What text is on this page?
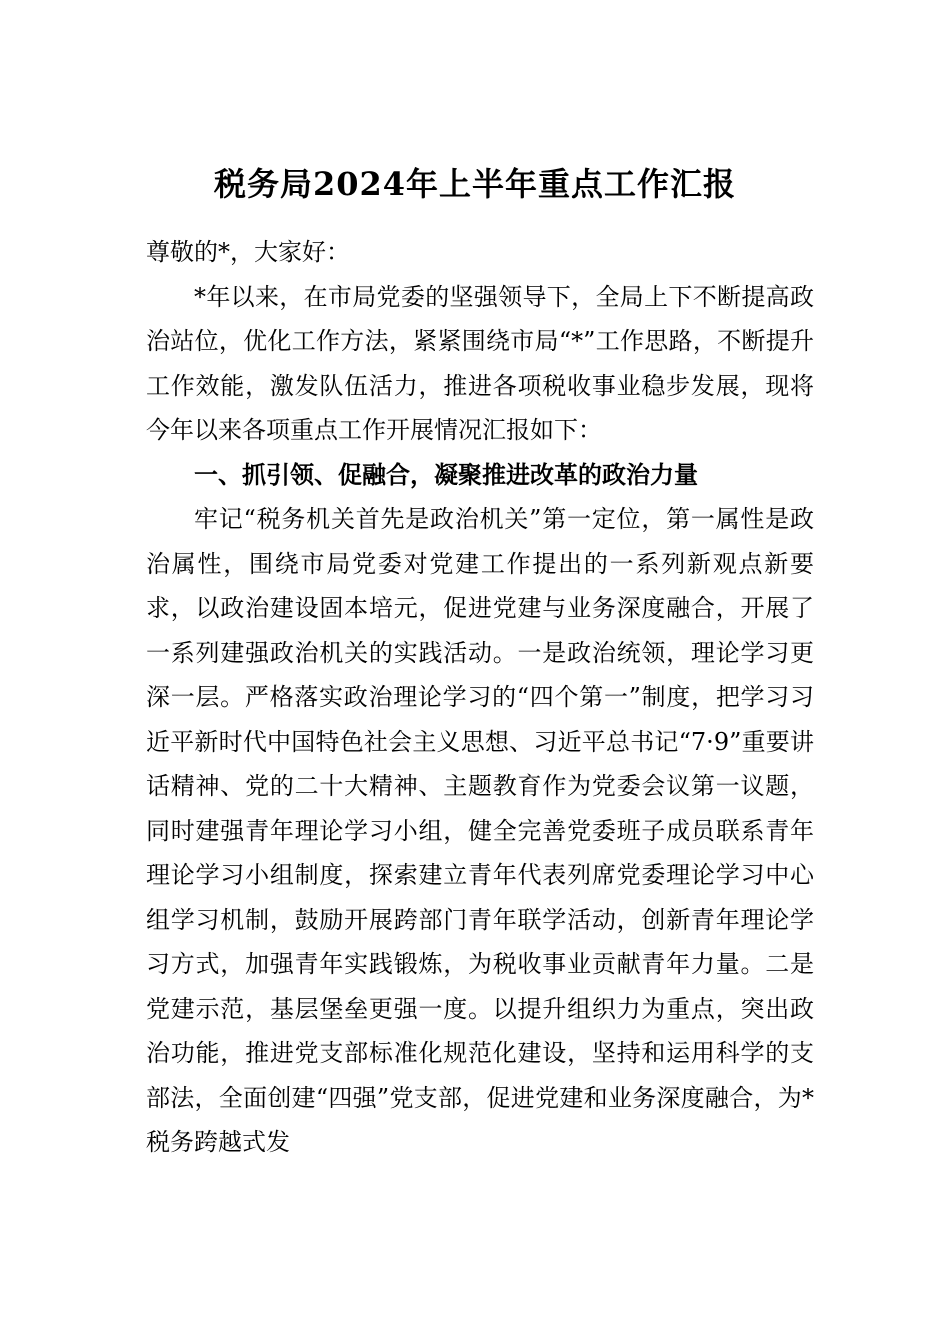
税务局2024年上半年重点工作汇报

尊敬的*，大家好：

*年以来，在市局党委的坚强领导下，全局上下不断提高政治站位，优化工作方法，紧紧围绕市局“*”工作思路，不断提升工作效能，激发队伍活力，推进各项税收事业稳步发展，现将今年以来各项重点工作开展情况汇报如下：

一、抓引领、促融合，凝聚推进改革的政治力量

牢记“税务机关首先是政治机关”第一定位，第一属性是政治属性，围绕市局党委对党建工作提出的一系列新观点新要求，以政治建设固本培元，促进党建与业务深度融合，开展了一系列建强政治机关的实践活动。一是政治统领，理论学习更深一层。严格落实政治理论学习的“四个第一”制度，把学习习近平新时代中国特色社会主义思想、习近平总书记“7·9”重要讲话精神、党的二十大精神、主题教育作为党委会议第一议题，同时建强青年理论学习小组，健全完善党委班子成员联系青年理论学习小组制度，探索建立青年代表列席党委理论学习中心组学习机制，鼓励开展跨部门青年联学活动，创新青年理论学习方式，加强青年实践锻炼，为税收事业贡献青年力量。二是党建示范，基层堡垒更强一度。以提升组织力为重点，突出政治功能，推进党支部标准化规范化建设，坚持和运用科学的支部法，全面创建“四强”党支部，促进党建和业务深度融合，为*税务跨越式发
